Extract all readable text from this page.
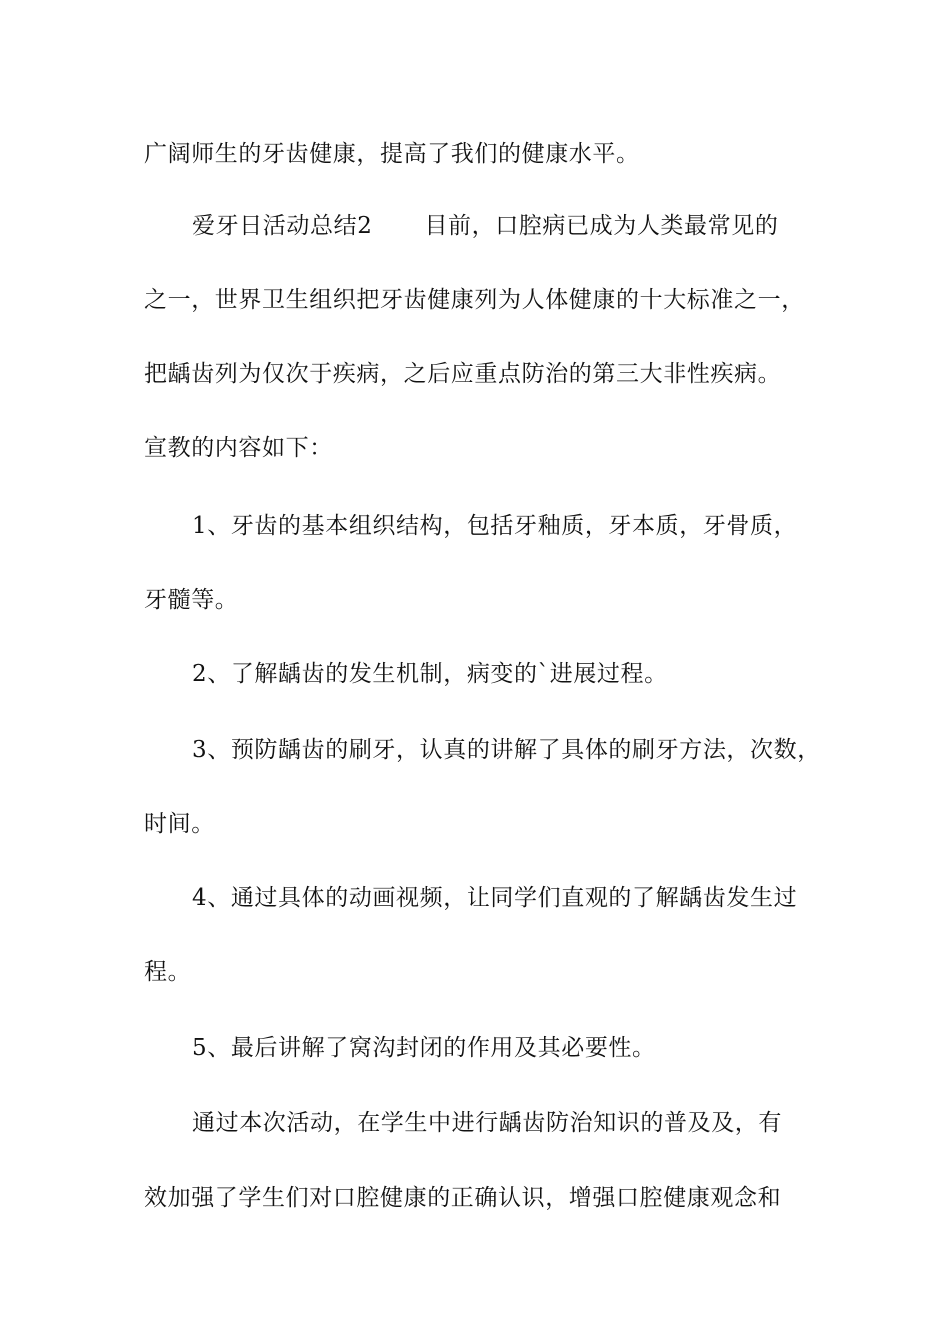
广阔师生的牙齿健康，提高了我们的健康水平。
爱牙日活动总结2 目前，口腔病已成为人类最常见的
之一，世界卫生组织把牙齿健康列为人体健康的十大标准之一，
把龋齿列为仅次于疾病，之后应重点防治的第三大非性疾病。
宣教的内容如下：
1、牙齿的基本组织结构，包括牙釉质，牙本质，牙骨质，
牙髓等。
2、了解龋齿的发生机制，病变的`进展过程。
3、预防龋齿的刷牙，认真的讲解了具体的刷牙方法，次数，
时间。
4、通过具体的动画视频，让同学们直观的了解龋齿发生过
程。
5、最后讲解了窝沟封闭的作用及其必要性。
通过本次活动，在学生中进行龋齿防治知识的普及及，有
效加强了学生们对口腔健康的正确认识，增强口腔健康观念和
